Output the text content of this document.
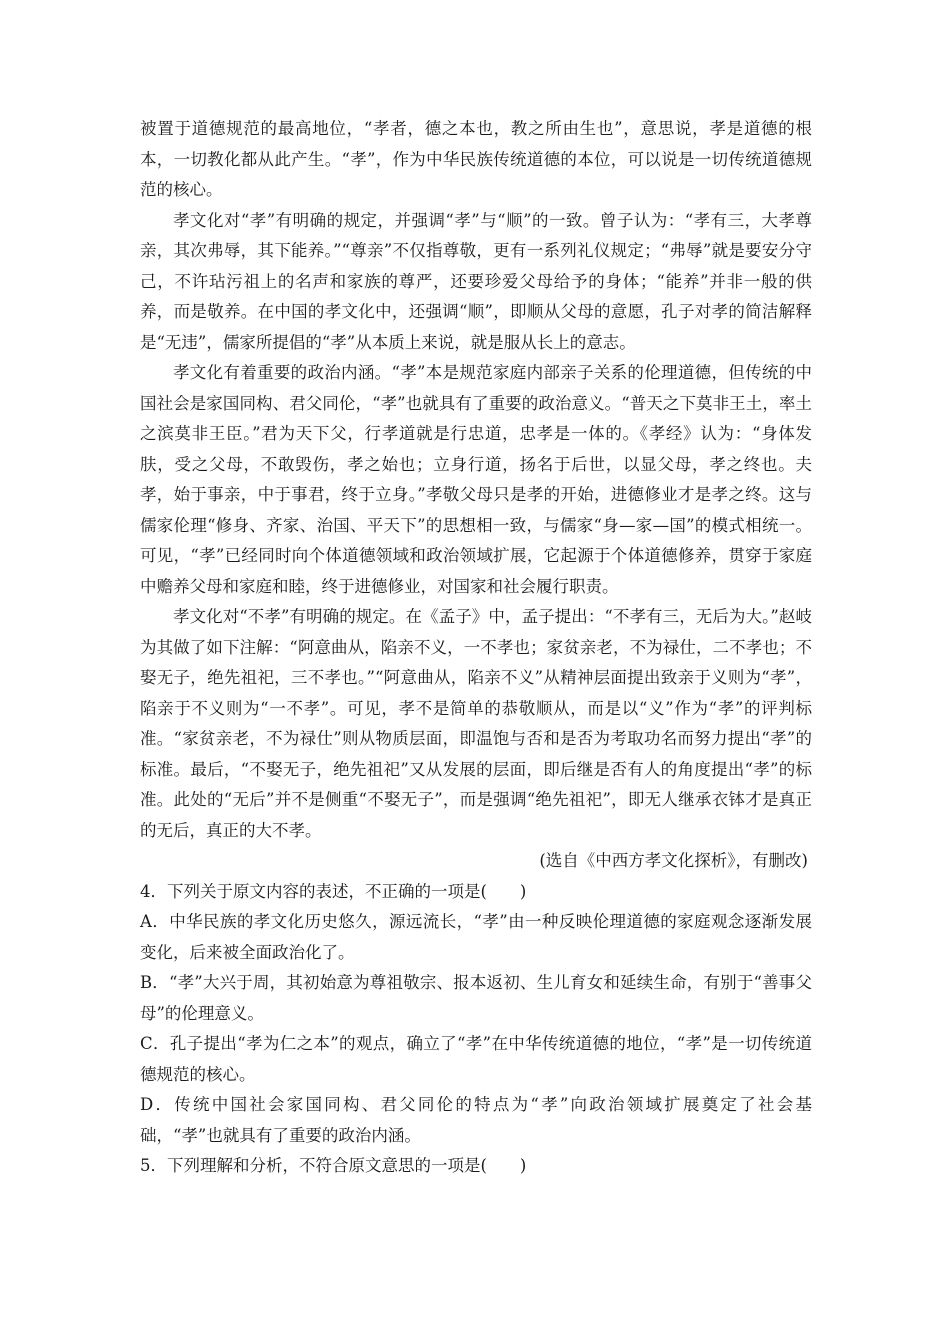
被置于道德规范的最高地位，“孝者，德之本也，教之所由生也”，意思说，孝是道德的根本，一切教化都从此产生。“孝”，作为中华民族传统道德的本位，可以说是一切传统道德规范的核心。

孝文化对“孝”有明确的规定，并强调“孝”与“顺”的一致。曾子认为：“孝有三，大孝尊亲，其次弗辱，其下能养。”“尊亲”不仅指尊敬，更有一系列礼仪规定；“弗辱”就是要安分守己，不许玷污祖上的名声和家族的尊严，还要珍爱父母给予的身体；“能养”并非一般的供养，而是敬养。在中国的孝文化中，还强调“顺”，即顺从父母的意愿，孔子对孝的简洁解释是“无违”，儒家所提倡的“孝”从本质上来说，就是服从长上的意志。

孝文化有着重要的政治内涵。“孝”本是规范家庭内部亲子关系的伦理道德，但传统的中国社会是家国同构、君父同伦，“孝”也就具有了重要的政治意义。“普天之下莫非王土，率土之滨莫非王臣。”君为天下父，行孝道就是行忠道，忠孝是一体的。《孝经》认为：“身体发肤，受之父母，不敢毁伤，孝之始也；立身行道，扬名于后世，以显父母，孝之终也。夫孝，始于事亲，中于事君，终于立身。”孝敬父母只是孝的开始，进德修业才是孝之终。这与儒家伦理“修身、齐家、治国、平天下”的思想相一致，与儒家“身—家—国”的模式相统一。可见，“孝”已经同时向个体道德领域和政治领域扩展，它起源于个体道德修养，贯穿于家庭中赡养父母和家庭和睦，终于进德修业，对国家和社会履行职责。

孝文化对“不孝”有明确的规定。在《孟子》中，孟子提出：“不孝有三，无后为大。”赵岐为其做了如下注解：“阿意曲从，陷亲不义，一不孝也；家贫亲老，不为禄仕，二不孝也；不娶无子，绝先祖祀，三不孝也。”“阿意曲从，陷亲不义”从精神层面提出致亲于义则为“孝”，陷亲于不义则为“一不孝”。可见，孝不是简单的恭敬顺从，而是以“义”作为“孝”的评判标准。“家贫亲老，不为禄仕”则从物质层面，即温饱与否和是否为考取功名而努力提出“孝”的标准。最后，“不娶无子，绝先祖祀”又从发展的层面，即后继是否有人的角度提出“孝”的标准。此处的“无后”并不是侧重“不娶无子”，而是强调“绝先祖祀”，即无人继承衣钵才是真正的无后，真正的大不孝。

(选自《中西方孝文化探析》，有删改)

4．下列关于原文内容的表述，不正确的一项是(　　)

A．中华民族的孝文化历史悠久，源远流长，“孝”由一种反映伦理道德的家庭观念逐渐发展变化，后来被全面政治化了。

B．“孝”大兴于周，其初始意为尊祖敬宗、报本返初、生儿育女和延续生命，有别于“善事父母”的伦理意义。

C．孔子提出“孝为仁之本”的观点，确立了“孝”在中华传统道德的地位，“孝”是一切传统道德规范的核心。

D．传统中国社会家国同构、君父同伦的特点为“孝”向政治领域扩展奠定了社会基础，“孝”也就具有了重要的政治内涵。

5．下列理解和分析，不符合原文意思的一项是(　　)
